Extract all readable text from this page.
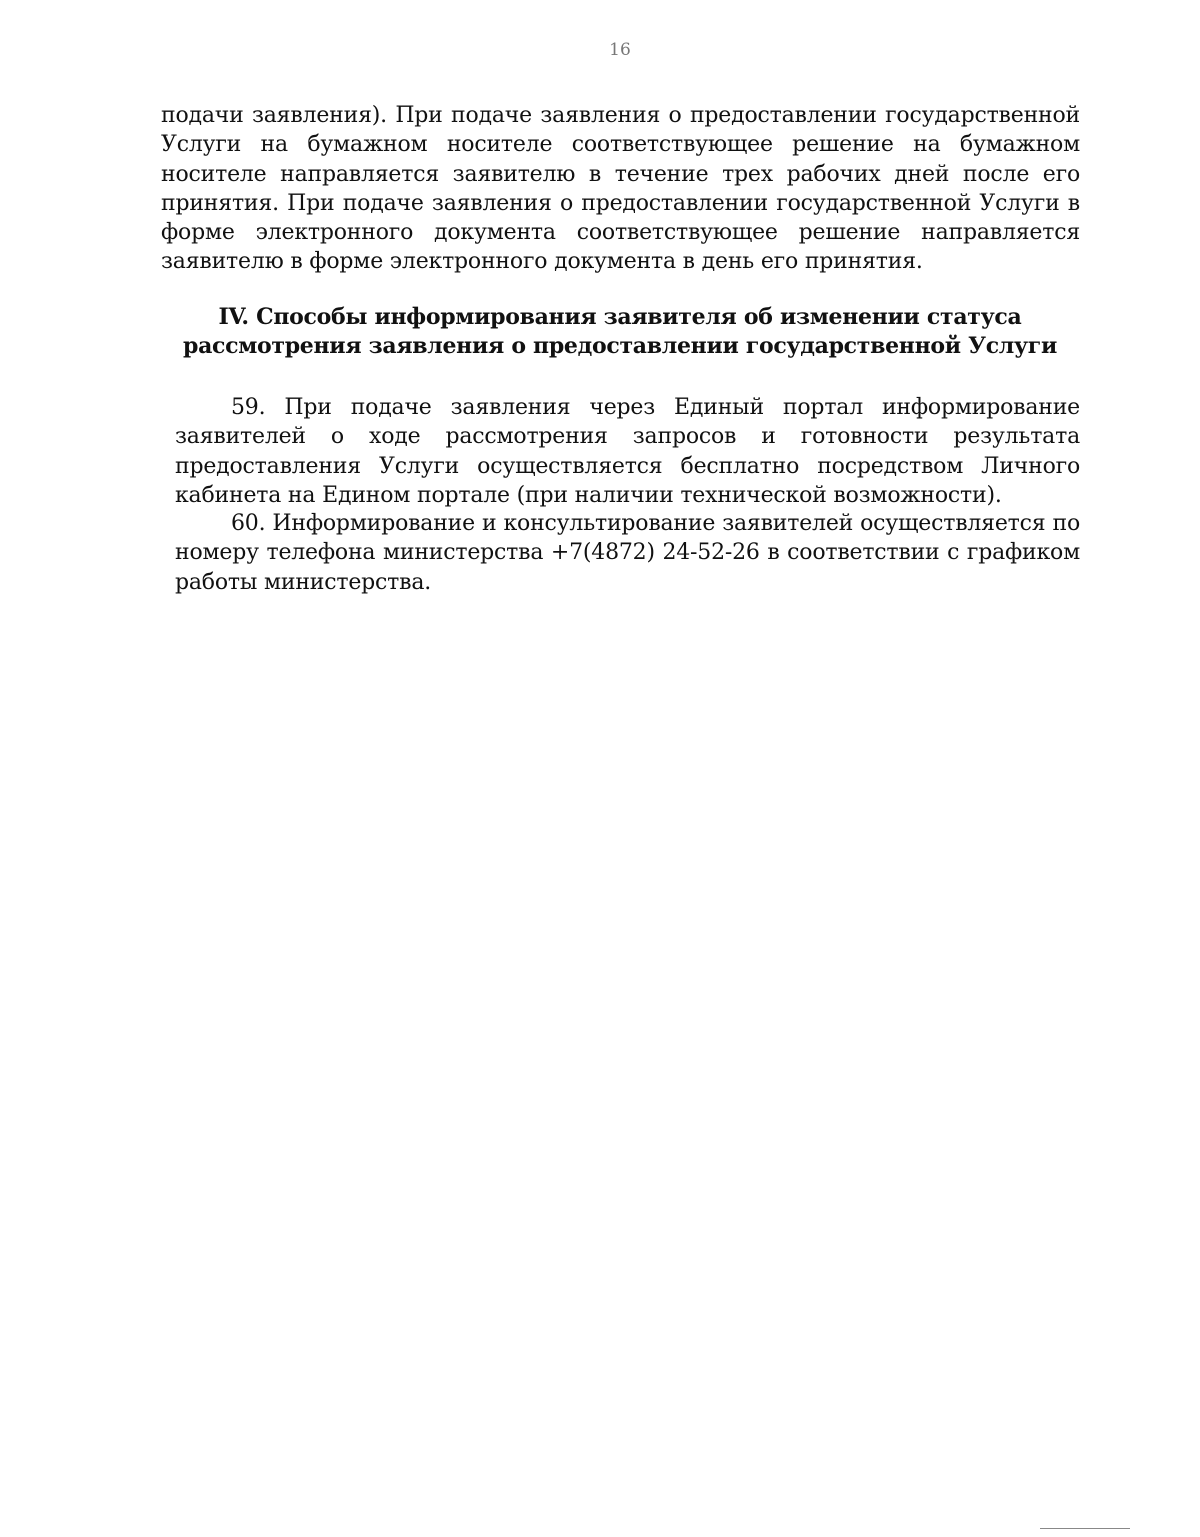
16

подачи заявления). При подаче заявления о предоставлении государственной Услуги на бумажном носителе соответствующее решение на бумажном носителе направляется заявителю в течение трех рабочих дней после его принятия. При подаче заявления о предоставлении государственной Услуги в форме электронного документа соответствующее решение направляется заявителю в форме электронного документа в день его принятия.

IV. Способы информирования заявителя об изменении статуса
рассмотрения заявления о предоставлении государственной Услуги

59. При подаче заявления через Единый портал информирование заявителей о ходе рассмотрения запросов и готовности результата предоставления Услуги осуществляется бесплатно посредством Личного кабинета на Едином портале (при наличии технической возможности).

60. Информирование и консультирование заявителей осуществляется по номеру телефона министерства +7(4872) 24-52-26 в соответствии с графиком работы министерства.
